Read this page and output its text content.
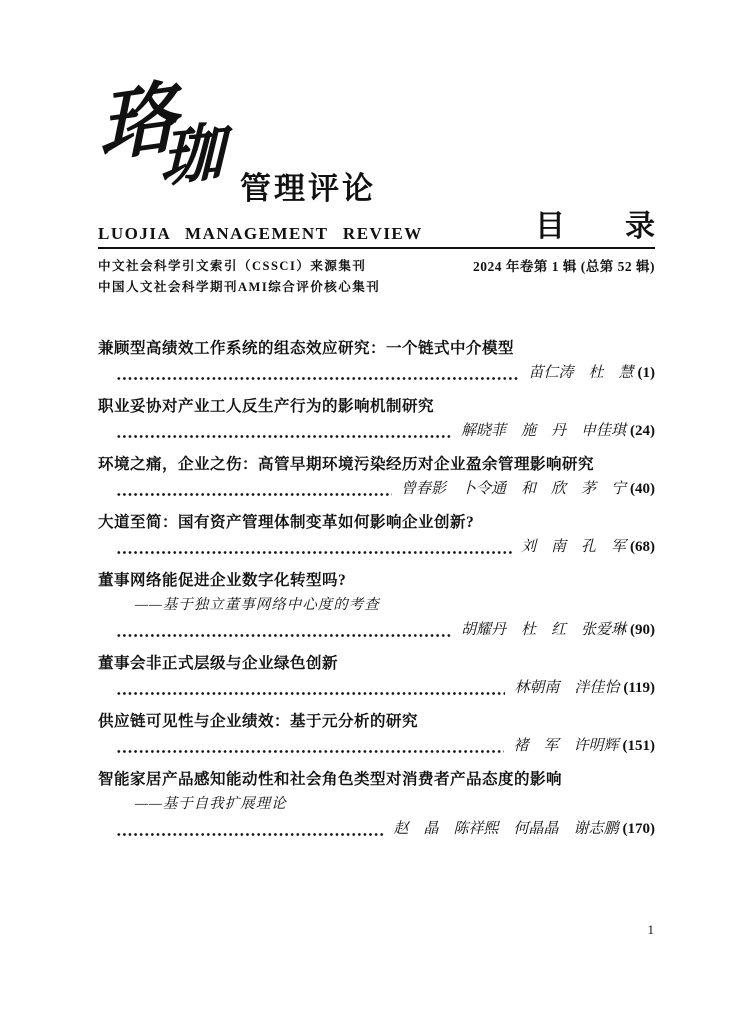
珞
珈 管理评论
LUOJIA MANAGEMENT REVIEW	目　　录
中文社会科学引文索引（CSSCI）来源集刊
中国人文社会科学期刊AMI综合评价核心集刊
2024 年卷第 1 辑 (总第 52 辑)
兼顾型高绩效工作系统的组态效应研究：一个链式中介模型
苗仁涛　杜　慧 (1)
职业妥协对产业工人反生产行为的影响机制研究
解晓菲　施　丹　申佳琪 (24)
环境之痛，企业之伤：高管早期环境污染经历对企业盈余管理影响研究
曾春影　卜令通　和　欣　茅　宁 (40)
大道至简：国有资产管理体制变革如何影响企业创新?
刘　南　孔　军 (68)
董事网络能促进企业数字化转型吗?
——基于独立董事网络中心度的考查
胡耀丹　杜　红　张爱琳 (90)
董事会非正式层级与企业绿色创新
林朝南　泮佳怡 (119)
供应链可见性与企业绩效：基于元分析的研究
褚　军　许明辉 (151)
智能家居产品感知能动性和社会角色类型对消费者产品态度的影响
——基于自我扩展理论
赵　晶　陈祥熙　何晶晶　谢志鹏 (170)
1
